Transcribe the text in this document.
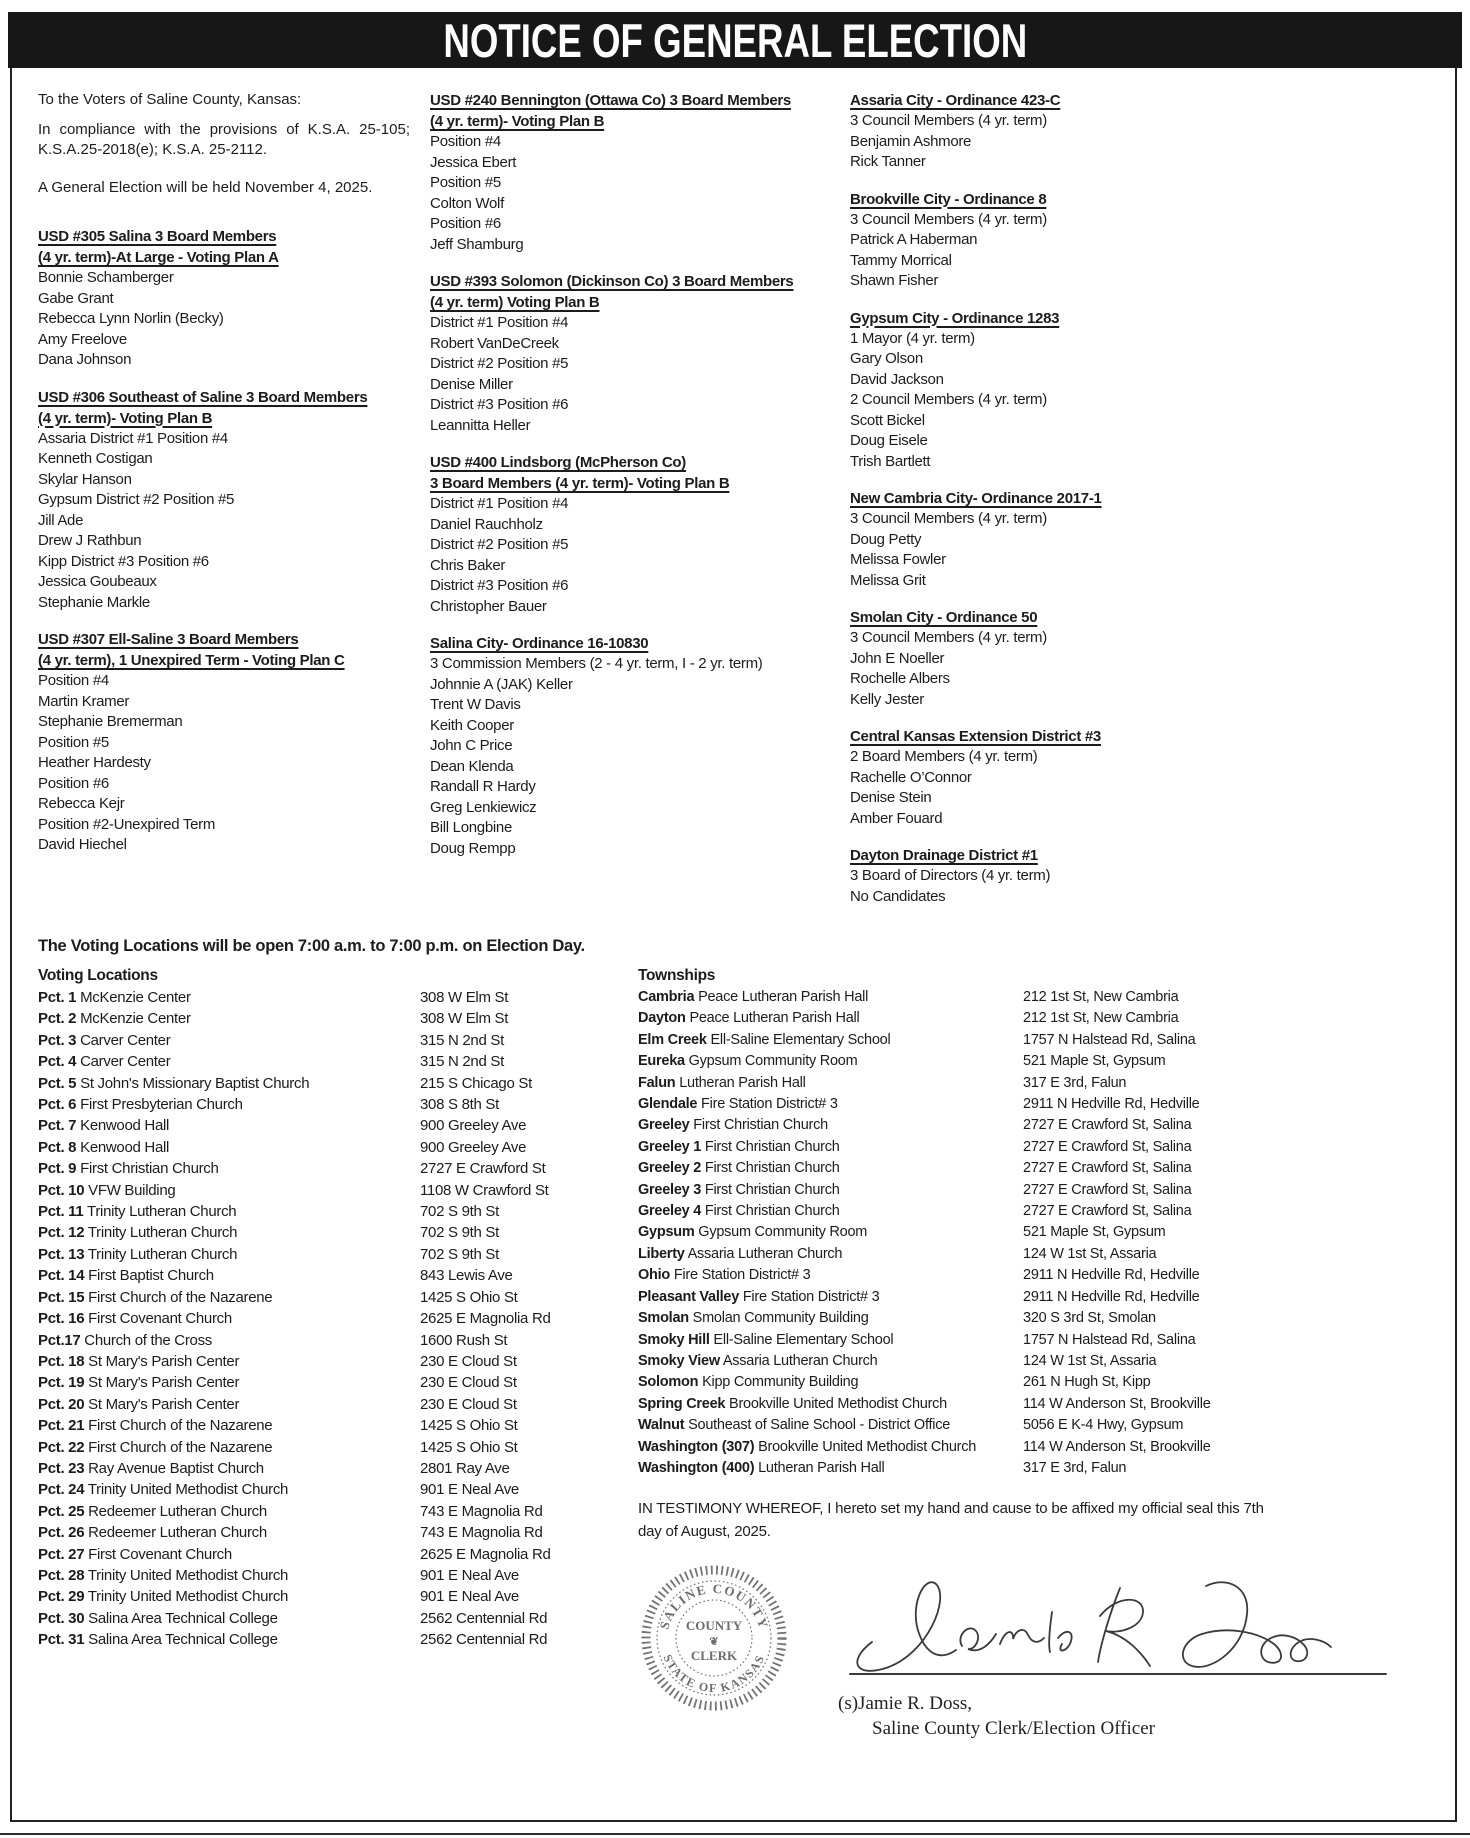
NOTICE OF GENERAL ELECTION

To the Voters of Saline County, Kansas:

In compliance with the provisions of K.S.A. 25-105; K.S.A.25-2018(e); K.S.A. 25-2112.

A General Election will be held November 4, 2025.

USD #305 Salina 3 Board Members
(4 yr. term)-At Large - Voting Plan A
Bonnie Schamberger
Gabe Grant
Rebecca Lynn Norlin (Becky)
Amy Freelove
Dana Johnson
USD #306 Southeast of Saline 3 Board Members
(4 yr. term)- Voting Plan B
Assaria District #1 Position #4
Kenneth Costigan
Skylar Hanson
Gypsum District #2 Position #5
Jill Ade
Drew J Rathbun
Kipp District #3 Position #6
Jessica Goubeaux
Stephanie Markle
USD #307 Ell-Saline 3 Board Members
(4 yr. term), 1 Unexpired Term - Voting Plan C
Position #4
Martin Kramer
Stephanie Bremerman
Position #5
Heather Hardesty
Position #6
Rebecca Kejr
Position #2-Unexpired Term
David Hiechel
USD #240 Bennington (Ottawa Co) 3 Board Members
(4 yr. term)- Voting Plan B
Position #4
Jessica Ebert
Position #5
Colton Wolf
Position #6
Jeff Shamburg
USD #393 Solomon (Dickinson Co) 3 Board Members
(4 yr. term) Voting Plan B
District #1 Position #4
Robert VanDeCreek
District #2 Position #5
Denise Miller
District #3 Position #6
Leannitta Heller
USD #400 Lindsborg (McPherson Co)
3 Board Members (4 yr. term)- Voting Plan B
District #1 Position #4
Daniel Rauchholz
District #2 Position #5
Chris Baker
District #3 Position #6
Christopher Bauer
Salina City- Ordinance 16-10830
3 Commission Members (2 - 4 yr. term, I - 2 yr. term)
Johnnie A (JAK) Keller
Trent W Davis
Keith Cooper
John C Price
Dean Klenda
Randall R Hardy
Greg Lenkiewicz
Bill Longbine
Doug Rempp
Assaria City - Ordinance 423-C
3 Council Members (4 yr. term)
Benjamin Ashmore
Rick Tanner
Brookville City - Ordinance 8
3 Council Members (4 yr. term)
Patrick A Haberman
Tammy Morrical
Shawn Fisher
Gypsum City - Ordinance 1283
1 Mayor (4 yr. term)
Gary Olson
David Jackson
2 Council Members (4 yr. term)
Scott Bickel
Doug Eisele
Trish Bartlett
New Cambria City- Ordinance 2017-1
3 Council Members (4 yr. term)
Doug Petty
Melissa Fowler
Melissa Grit
Smolan City - Ordinance 50
3 Council Members (4 yr. term)
John E Noeller
Rochelle Albers
Kelly Jester
Central Kansas Extension District #3
2 Board Members (4 yr. term)
Rachelle O’Connor
Denise Stein
Amber Fouard
Dayton Drainage District #1
3 Board of Directors (4 yr. term)
No Candidates
The Voting Locations will be open 7:00 a.m. to 7:00 p.m. on Election Day.
Voting Locations
Pct. 1 McKenzie Center	308 W Elm St
Pct. 2 McKenzie Center	308 W Elm St
Pct. 3 Carver Center	315 N 2nd St
Pct. 4 Carver Center	315 N 2nd St
Pct. 5 St John's Missionary Baptist Church	215 S Chicago St
Pct. 6 First Presbyterian Church	308 S 8th St
Pct. 7 Kenwood Hall	900 Greeley Ave
Pct. 8 Kenwood Hall	900 Greeley Ave
Pct. 9 First Christian Church	2727 E Crawford St
Pct. 10 VFW Building	1108 W Crawford St
Pct. 11 Trinity Lutheran Church	702 S 9th St
Pct. 12 Trinity Lutheran Church	702 S 9th St
Pct. 13 Trinity Lutheran Church	702 S 9th St
Pct. 14 First Baptist Church	843 Lewis Ave
Pct. 15 First Church of the Nazarene	1425 S Ohio St
Pct. 16 First Covenant Church	2625 E Magnolia Rd
Pct.17 Church of the Cross	1600 Rush St
Pct. 18 St Mary's Parish Center	230 E Cloud St
Pct. 19 St Mary's Parish Center	230 E Cloud St
Pct. 20 St Mary's Parish Center	230 E Cloud St
Pct. 21 First Church of the Nazarene	1425 S Ohio St
Pct. 22 First Church of the Nazarene	1425 S Ohio St
Pct. 23 Ray Avenue Baptist Church	2801 Ray Ave
Pct. 24 Trinity United Methodist Church	901 E Neal Ave
Pct. 25 Redeemer Lutheran Church	743 E Magnolia Rd
Pct. 26 Redeemer Lutheran Church	743 E Magnolia Rd
Pct. 27 First Covenant Church	2625 E Magnolia Rd
Pct. 28 Trinity United Methodist Church	901 E Neal Ave
Pct. 29 Trinity United Methodist Church	901 E Neal Ave
Pct. 30 Salina Area Technical College	2562 Centennial Rd
Pct. 31 Salina Area Technical College	2562 Centennial Rd
Townships
Cambria Peace Lutheran Parish Hall	212 1st St, New Cambria
Dayton Peace Lutheran Parish Hall	212 1st St, New Cambria
Elm Creek Ell-Saline Elementary School	1757 N Halstead Rd, Salina
Eureka Gypsum Community Room	521 Maple St, Gypsum
Falun Lutheran Parish Hall	317 E 3rd, Falun
Glendale Fire Station District# 3	2911 N Hedville Rd, Hedville
Greeley First Christian Church	2727 E Crawford St, Salina
Greeley 1 First Christian Church	2727 E Crawford St, Salina
Greeley 2 First Christian Church	2727 E Crawford St, Salina
Greeley 3 First Christian Church	2727 E Crawford St, Salina
Greeley 4 First Christian Church	2727 E Crawford St, Salina
Gypsum Gypsum Community Room	521 Maple St, Gypsum
Liberty Assaria Lutheran Church	124 W 1st St, Assaria
Ohio Fire Station District# 3	2911 N Hedville Rd, Hedville
Pleasant Valley Fire Station District# 3	2911 N Hedville Rd, Hedville
Smolan Smolan Community Building	320 S 3rd St, Smolan
Smoky Hill Ell-Saline Elementary School	1757 N Halstead Rd, Salina
Smoky View Assaria Lutheran Church	124 W 1st St, Assaria
Solomon Kipp Community Building	261 N Hugh St, Kipp
Spring Creek Brookville United Methodist Church	114 W Anderson St, Brookville
Walnut Southeast of Saline School - District Office	5056 E K-4 Hwy, Gypsum
Washington (307) Brookville United Methodist Church	114 W Anderson St, Brookville
Washington (400) Lutheran Parish Hall	317 E 3rd, Falun

IN TESTIMONY WHEREOF, I hereto set my hand and cause to be affixed my official seal this 7th day of August, 2025.

SALINE COUNTY
STATE OF KANSAS
COUNTY
❦
CLERK
(s)Jamie R. Doss,
Saline County Clerk/Election Officer
